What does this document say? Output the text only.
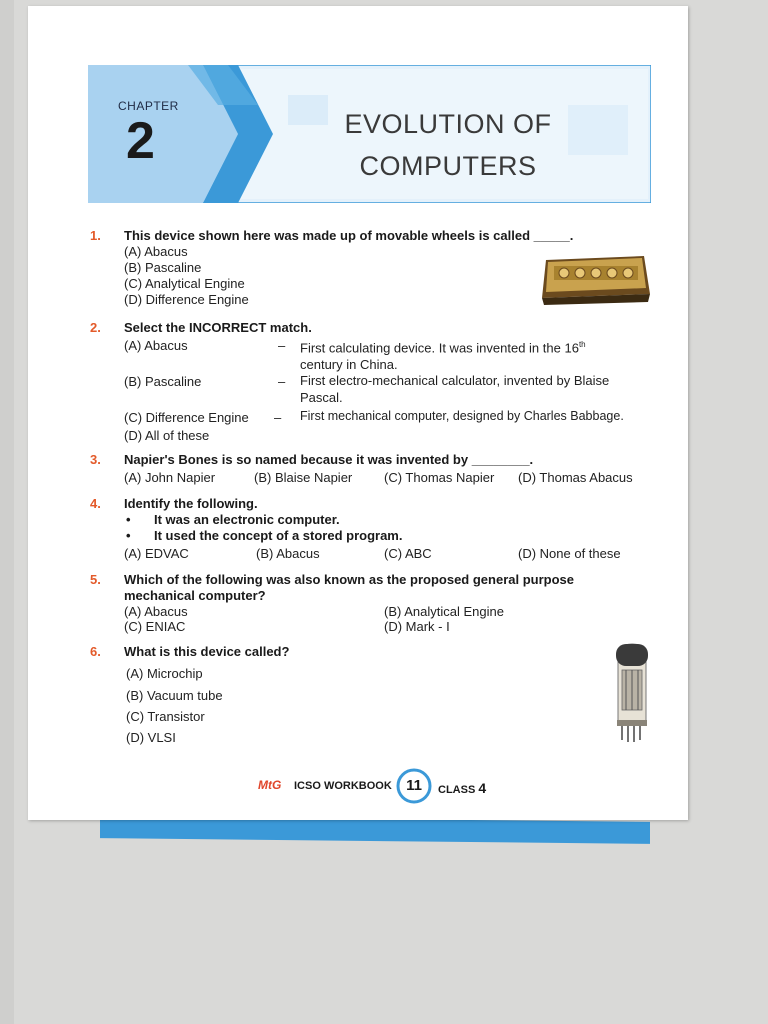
CHAPTER
2	EVOLUTION OF
COMPUTERS
1. This device shown here was made up of movable wheels is called _____.
(A) Abacus
(B) Pascaline
(C) Analytical Engine
(D) Difference Engine
2. Select the INCORRECT match.
(A) Abacus	– First calculating device. It was invented in the 16th
century in China.
(B) Pascaline	– First electro-mechanical calculator, invented by Blaise
Pascal.
(C) Difference Engine – First mechanical computer, designed by Charles Babbage.
(D) All of these
3. Napier's Bones is so named because it was invented by ________.
(A) John Napier	(B) Blaise Napier (C) Thomas Napier (D) Thomas Abacus
4. Identify the following.
• It was an electronic computer.
• It used the concept of a stored program.
(A) EDVAC	(B) Abacus	(C) ABC	(D) None of these
5. Which of the following was also known as the proposed general purpose
mechanical computer?
(A) Abacus	(B) Analytical Engine
(C) ENIAC	(D) Mark - I
6. What is this device called?
(A) Microchip
(B) Vacuum tube
(C) Transistor
(D) VLSI
MtG ICSO WORKBOOK 11	CLASS 4
